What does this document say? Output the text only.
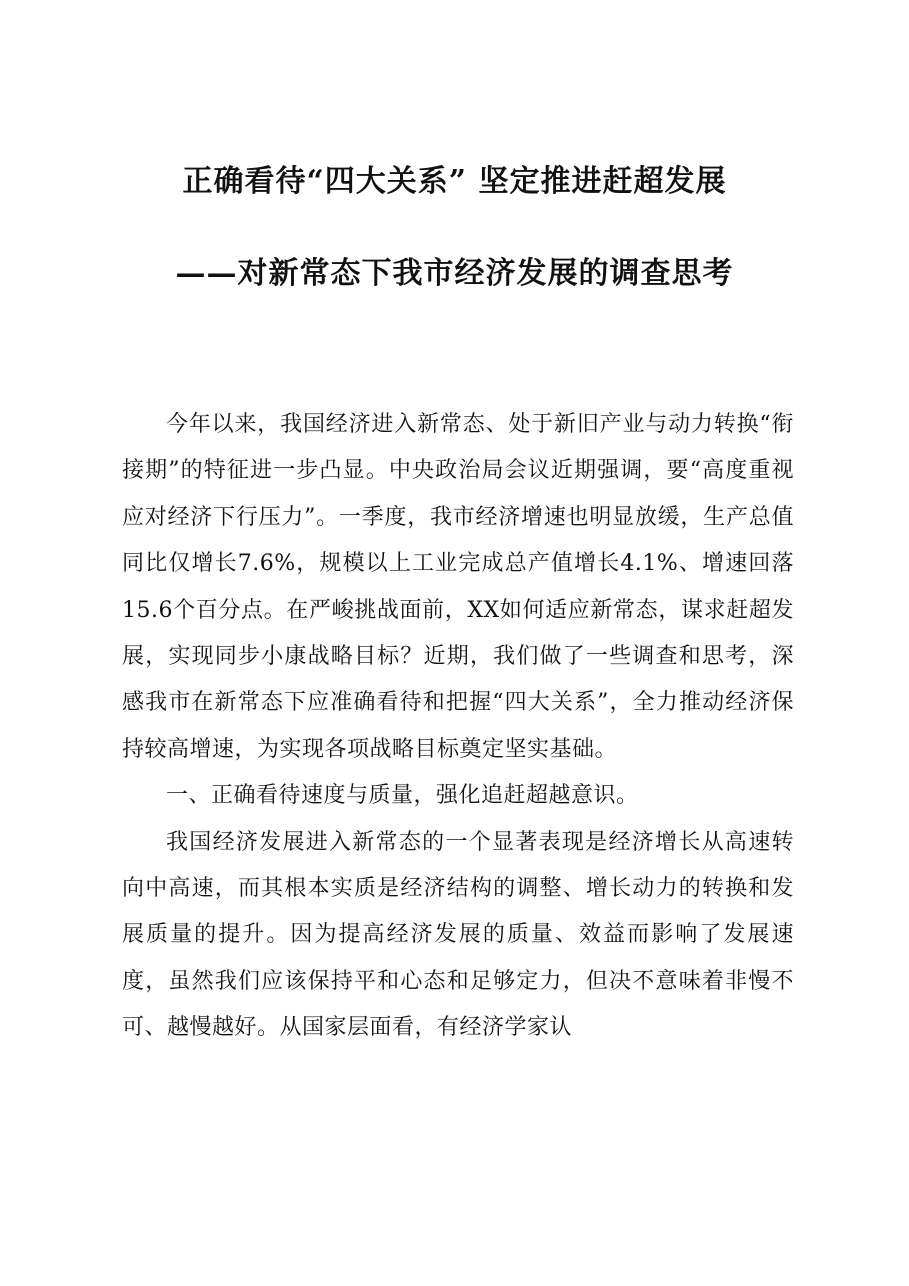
正确看待“四大关系” 坚定推进赶超发展
——对新常态下我市经济发展的调查思考

今年以来，我国经济进入新常态、处于新旧产业与动力转换“衔接期”的特征进一步凸显。中央政治局会议近期强调，要“高度重视应对经济下行压力”。一季度，我市经济增速也明显放缓，生产总值同比仅增长7.6%，规模以上工业完成总产值增长4.1%、增速回落15.6个百分点。在严峻挑战面前，XX如何适应新常态，谋求赶超发展，实现同步小康战略目标？近期，我们做了一些调查和思考，深感我市在新常态下应准确看待和把握“四大关系”，全力推动经济保持较高增速，为实现各项战略目标奠定坚实基础。

一、正确看待速度与质量，强化追赶超越意识。

我国经济发展进入新常态的一个显著表现是经济增长从高速转向中高速，而其根本实质是经济结构的调整、增长动力的转换和发展质量的提升。因为提高经济发展的质量、效益而影响了发展速度，虽然我们应该保持平和心态和足够定力，但决不意味着非慢不可、越慢越好。从国家层面看，有经济学家认
